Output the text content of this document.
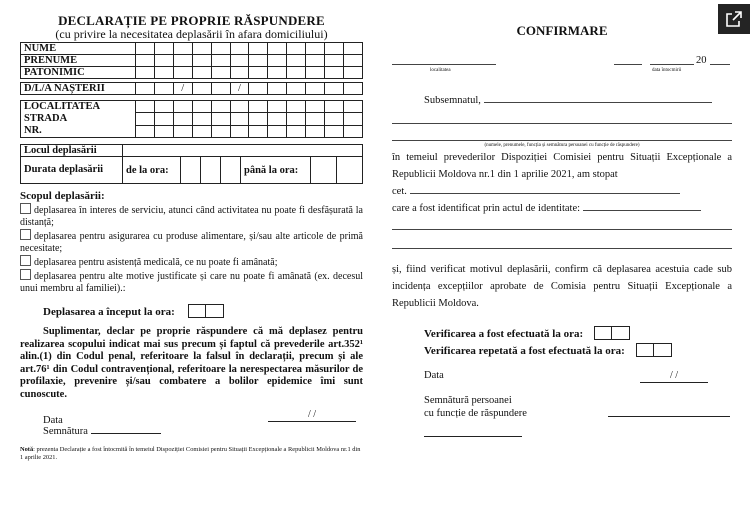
DECLARAȚIE PE PROPRIE RĂSPUNDERE
(cu privire la necesitatea deplasării în afara domiciliului)
NUME												
PRENUME												
PATONIMIC												

D/L/A NAȘTERII			/			/						

LOCALITATEA
STRADA
NR.												

Locul deplasării							
Durata deplasării	de la ora:				până la ora:		
Scopul deplasării:
deplasarea în interes de serviciu, atunci când activitatea nu poate fi desfășurată la distanță;
deplasarea pentru asigurarea cu produse alimentare, și/sau alte articole de primă necesitate;
deplasarea pentru asistență medicală, ce nu poate fi amânată;
deplasarea pentru alte motive justificate și care nu poate fi amânată (ex. decesul unui membru al familiei).:
Deplasarea a început la ora:
Suplimentar, declar pe proprie răspundere că mă deplasez pentru realizarea scopului indicat mai sus precum și faptul că prevederile art.352¹ alin.(1) din Codul penal, referitoare la falsul în declarații, precum și ale art.76¹ din Codul contravențional, referitoare la nerespectarea măsurilor de profilaxie, prevenire și/sau combatere a bolilor epidemice îmi sunt cunoscute.
Data
/ /
Semnătura
Notă: prezenta Declarație a fost întocmită în temeiul Dispoziției Comisiei pentru Situații Excepționale a Republicii Moldova nr.1 din 1 aprilie 2021.
CONFIRMARE
localitatea
20
data întocmirii
Subsemnatul,
(numele, prenumele, funcția și semnătura persoanei cu funcție de răspundere)
în temeiul prevederilor Dispoziției Comisiei pentru Situații Excepționale a Republicii Moldova nr.1 din 1 aprilie 2021, am stopat
cet.
care a fost identificat prin actul de identitate:
și, fiind verificat motivul deplasării, confirm că deplasarea acestuia cade sub incidența excepțiilor aprobate de Comisia pentru Situații Excepționale a Republicii Moldova.
Verificarea a fost efectuată la ora:
Verificarea repetată a fost efectuată la ora:
Data	/ /
Semnătură persoanei
cu funcție de răspundere
